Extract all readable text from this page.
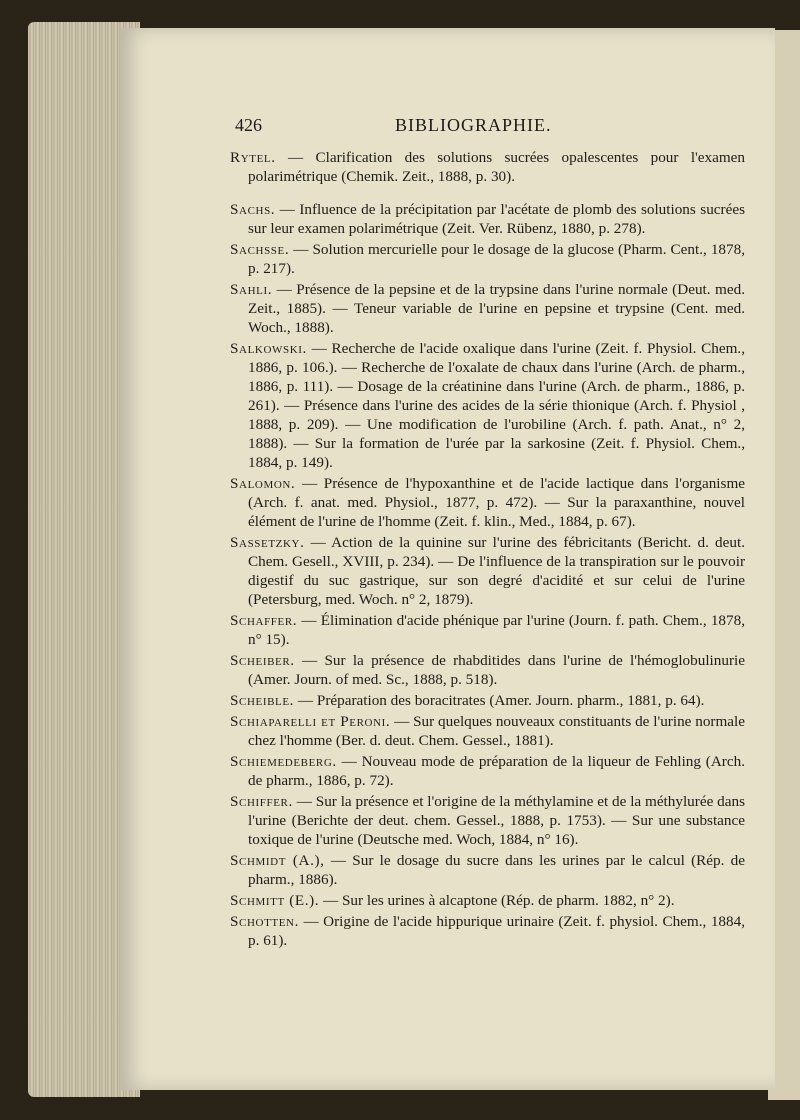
426	BIBLIOGRAPHIE.

Rytel. — Clarification des solutions sucrées opalescentes pour l'examen polarimétrique (Chemik. Zeit., 1888, p. 30).

Sachs. — Influence de la précipitation par l'acétate de plomb des solutions sucrées sur leur examen polarimétrique (Zeit. Ver. Rübenz, 1880, p. 278).

Sachsse. — Solution mercurielle pour le dosage de la glucose (Pharm. Cent., 1878, p. 217).

Sahli. — Présence de la pepsine et de la trypsine dans l'urine normale (Deut. med. Zeit., 1885). — Teneur variable de l'urine en pepsine et trypsine (Cent. med. Woch., 1888).

Salkowski. — Recherche de l'acide oxalique dans l'urine (Zeit. f. Physiol. Chem., 1886, p. 106.). — Recherche de l'oxalate de chaux dans l'urine (Arch. de pharm., 1886, p. 111). — Dosage de la créatinine dans l'urine (Arch. de pharm., 1886, p. 261). — Présence dans l'urine des acides de la série thionique (Arch. f. Physiol , 1888, p. 209). — Une modification de l'urobiline (Arch. f. path. Anat., n° 2, 1888). — Sur la formation de l'urée par la sarkosine (Zeit. f. Physiol. Chem., 1884, p. 149).

Salomon. — Présence de l'hypoxanthine et de l'acide lactique dans l'organisme (Arch. f. anat. med. Physiol., 1877, p. 472). — Sur la paraxanthine, nouvel élément de l'urine de l'homme (Zeit. f. klin., Med., 1884, p. 67).

Sassetzky. — Action de la quinine sur l'urine des fébricitants (Bericht. d. deut. Chem. Gesell., XVIII, p. 234). — De l'influence de la transpiration sur le pouvoir digestif du suc gastrique, sur son degré d'acidité et sur celui de l'urine (Petersburg, med. Woch. n° 2, 1879).

Schaffer. — Élimination d'acide phénique par l'urine (Journ. f. path. Chem., 1878, n° 15).

Scheiber. — Sur la présence de rhabditides dans l'urine de l'hémoglobulinurie (Amer. Journ. of med. Sc., 1888, p. 518).

Scheible. — Préparation des boracitrates (Amer. Journ. pharm., 1881, p. 64).

Schiaparelli et Peroni. — Sur quelques nouveaux constituants de l'urine normale chez l'homme (Ber. d. deut. Chem. Gessel., 1881).

Schiemedeberg. — Nouveau mode de préparation de la liqueur de Fehling (Arch. de pharm., 1886, p. 72).

Schiffer. — Sur la présence et l'origine de la méthylamine et de la méthylurée dans l'urine (Berichte der deut. chem. Gessel., 1888, p. 1753). — Sur une substance toxique de l'urine (Deutsche med. Woch, 1884, n° 16).

Schmidt (A.), — Sur le dosage du sucre dans les urines par le calcul (Rép. de pharm., 1886).

Schmitt (E.). — Sur les urines à alcaptone (Rép. de pharm. 1882, n° 2).

Schotten. — Origine de l'acide hippurique urinaire (Zeit. f. physiol. Chem., 1884, p. 61).
